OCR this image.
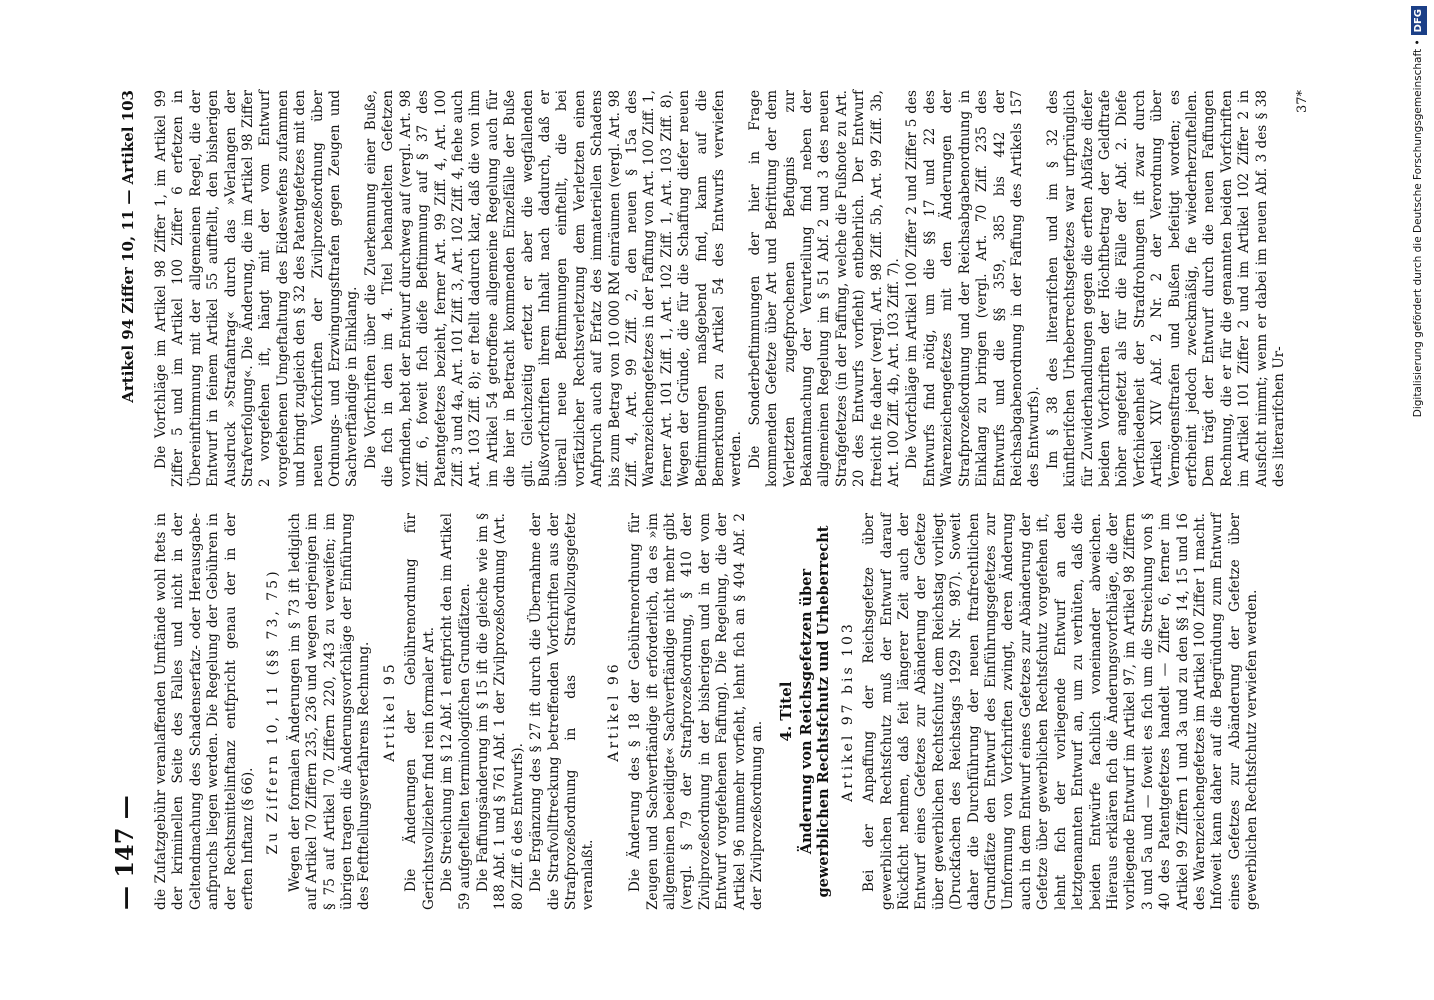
— 147 —
Artikel 94 Ziffer 10, 11 — Artikel 103

die Zufatzgebühr veranlaffenden Umftände wohl ftets in der kriminellen Seite des Falles und nicht in der Geltendmachung des Schadenserfatz- oder Herausgabe-anfpruchs liegen werden. Die Regelung der Gebühren in der Rechtsmittelinftanz entfpricht genau der in der erften Inftanz (§ 66). Zu Ziffern 10, 11 (§§ 73, 75) Wegen der formalen Änderungen im § 73 ift lediglich auf Artikel 70 Ziffern 235, 236 und wegen derjenigen im § 75 auf Artikel 70 Ziffern 220, 243 zu verweifen; im übrigen tragen die Änderungsvorfchläge der Einführung des Feftftellungsverfahrens Rechnung. Artikel 95 Die Änderungen der Gebührenordnung für Gerichtsvollzieher find rein formaler Art. Die Streichung im § 12 Abf. 1 entfpricht den im Artikel 59 aufgeftellten terminologifchen Grundfätzen. Die Faffungsänderung im § 15 ift die gleiche wie im § 188 Abf. 1 und § 761 Abf. 1 der Zivilprozeßordnung (Art. 80 Ziff. 6 des Entwurfs). Die Ergänzung des § 27 ift durch die Übernahme der die Strafvollftreckung betreffenden Vorfchriften aus der Strafprozeßordnung in das Strafvollzugsgefetz veranlaßt.

Artikel 96 Die Änderung des § 18 der Gebührenordnung für Zeugen und Sachverftändige ift erforderlich, da es »im allgemeinen beeidigte« Sachverftändige nicht mehr gibt (vergl. § 79 der Strafprozeßordnung, § 410 der Zivilprozeßordnung in der bisherigen und in der vom Entwurf vorgefehenen Faffung). Die Regelung, die der Artikel 96 nunmehr vorfieht, lehnt fich an § 404 Abf. 2 der Zivilprozeßordnung an.

4. Titel Änderung von Reichsgefetzen über gewerblichen Rechtsfchutz und Urheberrecht Artikel 97 bis 103 Bei der Anpaffung der Reichsgefetze über gewerblichen Rechtsfchutz muß der Entwurf darauf Rückficht nehmen, daß feit längerer Zeit auch der Entwurf eines Gefetzes zur Abänderung der Gefetze über gewerblichen Rechtsfchutz dem Reichstag vorliegt (Druckfachen des Reichstags 1929 Nr. 987). Soweit daher die Durchführung der neuen ftrafrechtlichen Grundfätze den Entwurf des Einführungsgefetzes zur Umformung von Vorfchriften zwingt, deren Änderung auch in dem Entwurf eines Gefetzes zur Abänderung der Gefetze über gewerblichen Rechtsfchutz vorgefehen ift, lehnt fich der vorliegende Entwurf an den letztgenannten Entwurf an, um zu verhüten, daß die beiden Entwürfe fachlich voneinander abweichen. Hieraus erklären fich die Änderungsvorfchläge, die der vorliegende Entwurf im Artikel 97, im Artikel 98 Ziffern 3 und 5a und — foweit es fich um die Streichung von § 40 des Patentgefetzes handelt — Ziffer 6, ferner im Artikel 99 Ziffern 1 und 3a und zu den §§ 14, 15 und 16 des Warenzeichengefetzes im Artikel 100 Ziffer 1 macht. Infoweit kann daher auf die Begründung zum Entwurf eines Gefetzes zur Abänderung der Gefetze über gewerblichen Rechtsfchutz verwiefen werden.

Die Vorfchläge im Artikel 98 Ziffer 1, im Artikel 99 Ziffer 5 und im Artikel 100 Ziffer 6 erfetzen in Übereinftimmung mit der allgemeinen Regel, die der Entwurf in feinem Artikel 55 aufftellt, den bisherigen Ausdruck »Strafantrag« durch das »Verlangen der Strafverfolgung«. Die Änderung, die im Artikel 98 Ziffer 2 vorgefehen ift, hängt mit der vom Entwurf vorgefehenen Umgeftaltung des Eideswefens zufammen und bringt zugleich den § 32 des Patentgefetzes mit den neuen Vorfchriften der Zivilprozeßordnung über Ordnungs- und Erzwingungsftrafen gegen Zeugen und Sachverftändige in Einklang. Die Vorfchriften über die Zuerkennung einer Buße, die fich in den im 4. Titel behandelten Gefetzen vorfinden, hebt der Entwurf durchweg auf (vergl. Art. 98 Ziff. 6, foweit fich diefe Beftimmung auf § 37 des Patentgefetzes bezieht, ferner Art. 99 Ziff. 4, Art. 100 Ziff. 3 und 4a, Art. 101 Ziff. 3, Art. 102 Ziff. 4, fiehe auch Art. 103 Ziff. 8); er ftellt dadurch klar, daß die von ihm im Artikel 54 getroffene allgemeine Regelung auch für die hier in Betracht kommenden Einzelfälle der Buße gilt. Gleichzeitig erfetzt er aber die wegfallenden Bußvorfchriften ihrem Inhalt nach dadurch, daß er überall neue Beftimmungen einftellt, die bei vorfätzlicher Rechtsverletzung dem Verletzten einen Anfpruch auch auf Erfatz des immateriellen Schadens bis zum Betrag von 10 000 RM einräumen (vergl. Art. 98 Ziff. 4, Art. 99 Ziff. 2, den neuen § 15a des Warenzeichengefetzes in der Faffung von Art. 100 Ziff. 1, ferner Art. 101 Ziff. 1, Art. 102 Ziff. 1, Art. 103 Ziff. 8). Wegen der Gründe, die für die Schaffung diefer neuen Beftimmungen maßgebend find, kann auf die Bemerkungen zu Artikel 54 des Entwurfs verwiefen werden. Die Sonderbeftimmungen der hier in Frage kommenden Gefetze über Art und Befrittung der dem Verletzten zugefprochenen Befugnis zur Bekanntmachung der Verurteilung find neben der allgemeinen Regelung im § 51 Abf. 2 und 3 des neuen Strafgefetzes (in der Faffung, welche die Fußnote zu Art. 20 des Entwurfs vorfieht) entbehrlich. Der Entwurf ftreicht fie daher (vergl. Art. 98 Ziff. 5b, Art. 99 Ziff. 3b, Art. 100 Ziff. 4b, Art. 103 Ziff. 7). Die Vorfchläge im Artikel 100 Ziffer 2 und Ziffer 5 des Entwurfs find nötig, um die §§ 17 und 22 des Warenzeichengefetzes mit den Änderungen der Strafprozeßordnung und der Reichsabgabenordnung in Einklang zu bringen (vergl. Art. 70 Ziff. 235 des Entwurfs und die §§ 359, 385 bis 442 der Reichsabgabenordnung in der Faffung des Artikels 157 des Entwurfs). Im § 38 des literarifchen und im § 32 des künftlerifchen Urheberrechtsgefetzes war urfprünglich für Zuwiderhandlungen gegen die erften Abfätze diefer beiden Vorfchriften der Höchftbetrag der Geldftrafe höher angefetzt als für die Fälle der Abf. 2. Diefe Verfchiedenheit der Strafdrohungen ift zwar durch Artikel XIV Abf. 2 Nr. 2 der Verordnung über Vermögensftrafen und Bußen befeitigt worden; es erfcheint jedoch zweckmäßig, fie wiederherzuftellen. Dem trägt der Entwurf durch die neuen Faffungen Rechnung, die er für die genannten beiden Vorfchriften im Artikel 101 Ziffer 2 und im Artikel 102 Ziffer 2 in Ausficht nimmt; wenn er dabei im neuen Abf. 3 des § 38 des literarifchen Ur-

37*	Digitalisierung gefördert durch die Deutsche Forschungsgemeinschaft •DFG
